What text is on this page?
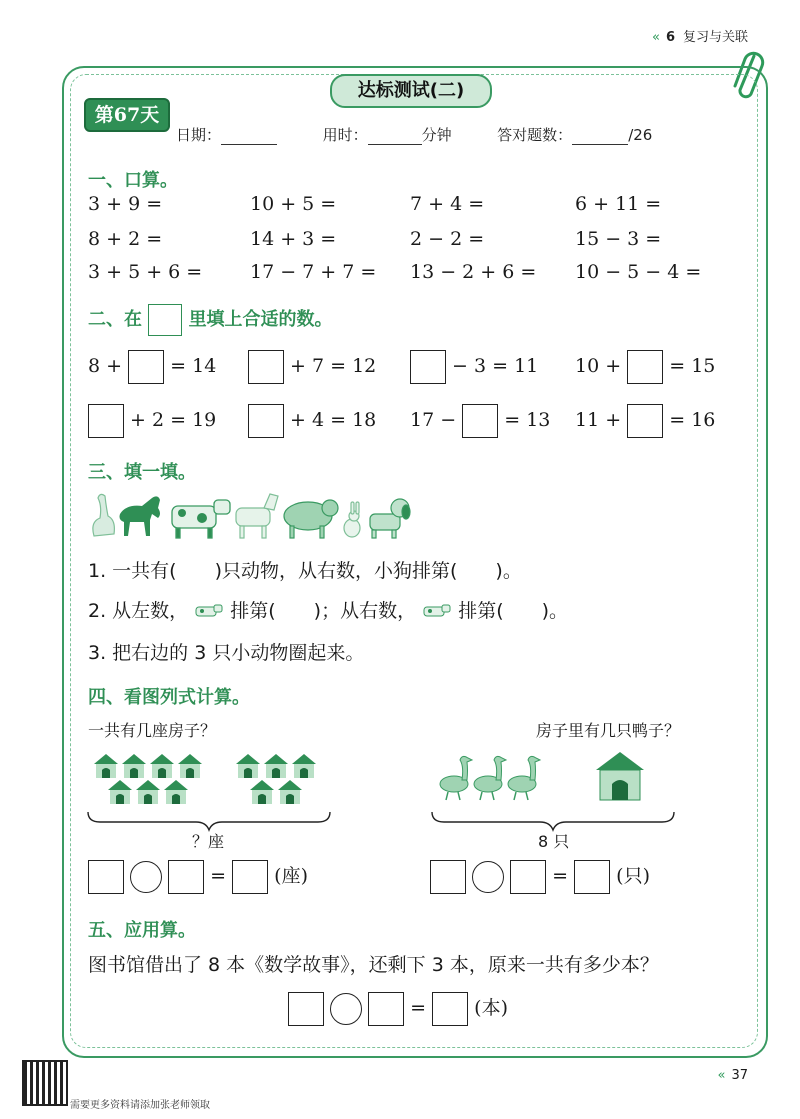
« 6 复习与关联
达标测试(二)
第67天
日期：	用时：	分钟	答对题数：	/26
一、口算。
3 + 9 =	10 + 5 =	7 + 4 =	6 + 11 =
8 + 2 =	14 + 3 =	2 − 2 =	15 − 3 =
3 + 5 + 6 =	17 − 7 + 7 = 13 − 2 + 6 = 10 − 5 − 4 =
二、在	里填上合适的数。
8 +	= 14	+ 7 = 12	− 3 = 11 10 +	= 15
+ 2 = 19	+ 4 = 18 17 −	= 13 11 +	= 16
三、填一填。
1. 一共有(　　)只动物，从右数，小狗排第(　　)。
2. 从左数， 排第(　　)；从右数， 排第(　　)。
3. 把右边的 3 只小动物圈起来。
四、看图列式计算。
一共有几座房子？	房子里有几只鸭子？
？座	8 只
=	(座)	=	(只)
五、应用算。
图书馆借出了 8 本《数学故事》，还剩下 3 本，原来一共有多少本？
=	(本)
需要更多资料请添加张老师领取
« 37
